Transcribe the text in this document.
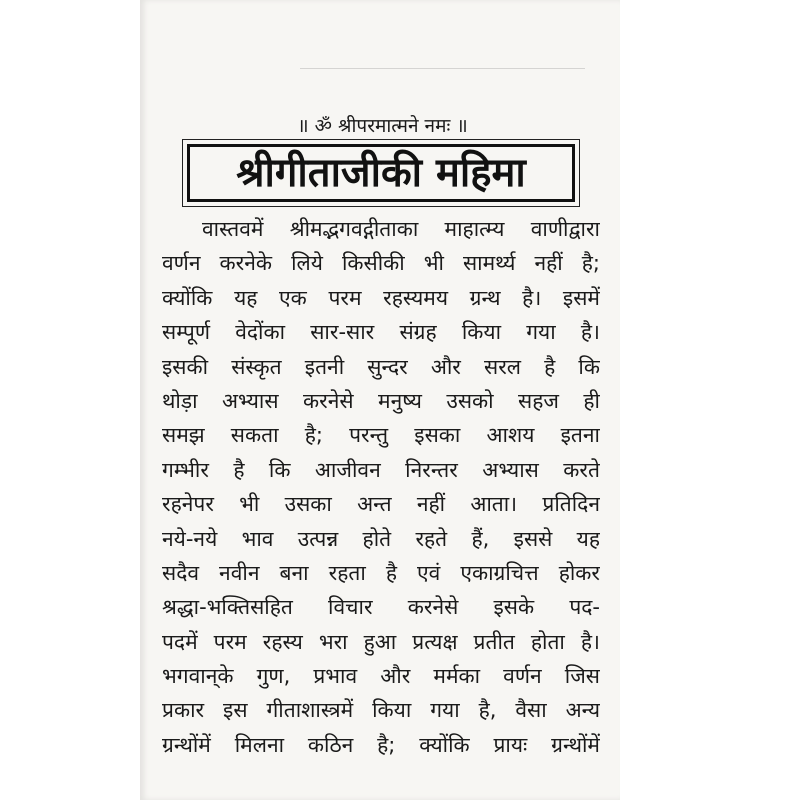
॥ ॐ श्रीपरमात्मने नमः ॥
श्रीगीताजीकी महिमा
वास्तवमें श्रीमद्भगवद्गीताका माहात्म्य वाणीद्वारा
वर्णन करनेके लिये किसीकी भी सामर्थ्य नहीं है;
क्योंकि यह एक परम रहस्यमय ग्रन्थ है। इसमें
सम्पूर्ण वेदोंका सार-सार संग्रह किया गया है।
इसकी संस्कृत इतनी सुन्दर और सरल है कि
थोड़ा अभ्यास करनेसे मनुष्य उसको सहज ही
समझ सकता है; परन्तु इसका आशय इतना
गम्भीर है कि आजीवन निरन्तर अभ्यास करते
रहनेपर भी उसका अन्त नहीं आता। प्रतिदिन
नये-नये भाव उत्पन्न होते रहते हैं, इससे यह
सदैव नवीन बना रहता है एवं एकाग्रचित्त होकर
श्रद्धा-भक्तिसहित विचार करनेसे इसके पद-
पदमें परम रहस्य भरा हुआ प्रत्यक्ष प्रतीत होता है।
भगवान्‌के गुण, प्रभाव और मर्मका वर्णन जिस
प्रकार इस गीताशास्त्रमें किया गया है, वैसा अन्य
ग्रन्थोंमें मिलना कठिन है; क्योंकि प्रायः ग्रन्थोंमें
